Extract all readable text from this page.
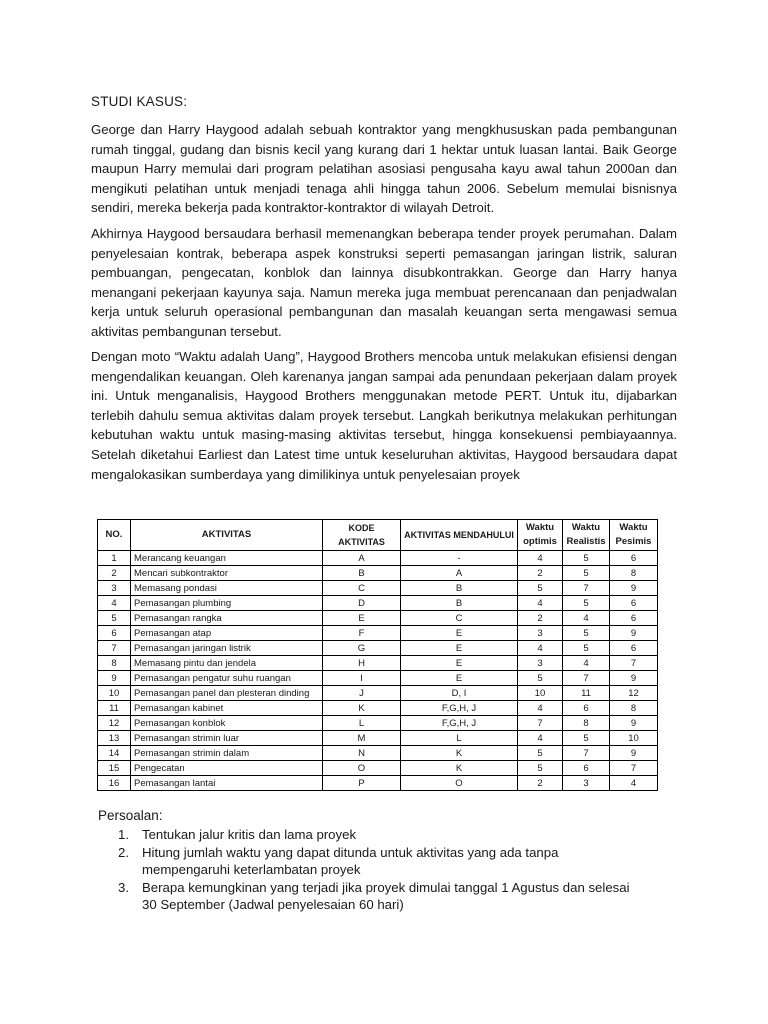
STUDI KASUS:
George dan Harry Haygood adalah sebuah kontraktor yang mengkhususkan pada pembangunan rumah tinggal, gudang dan bisnis kecil yang kurang dari 1 hektar untuk luasan lantai. Baik George maupun Harry memulai dari program pelatihan asosiasi pengusaha kayu awal tahun 2000an dan mengikuti pelatihan untuk menjadi tenaga ahli hingga tahun 2006. Sebelum memulai bisnisnya sendiri, mereka bekerja pada kontraktor-kontraktor di wilayah Detroit.
Akhirnya Haygood bersaudara berhasil memenangkan beberapa tender proyek perumahan. Dalam penyelesaian kontrak, beberapa aspek konstruksi seperti pemasangan jaringan listrik, saluran pembuangan, pengecatan, konblok dan lainnya disubkontrakkan. George dan Harry hanya menangani pekerjaan kayunya saja. Namun mereka juga membuat perencanaan dan penjadwalan kerja untuk seluruh operasional pembangunan dan masalah keuangan serta mengawasi semua aktivitas pembangunan tersebut.
Dengan moto “Waktu adalah Uang”, Haygood Brothers mencoba untuk melakukan efisiensi dengan mengendalikan keuangan. Oleh karenanya jangan sampai ada penundaan pekerjaan dalam proyek ini. Untuk menganalisis, Haygood Brothers menggunakan metode PERT. Untuk itu, dijabarkan terlebih dahulu semua aktivitas dalam proyek tersebut. Langkah berikutnya melakukan perhitungan kebutuhan waktu untuk masing-masing aktivitas tersebut, hingga konsekuensi pembiayaannya. Setelah diketahui Earliest dan Latest time untuk keseluruhan aktivitas, Haygood bersaudara dapat mengalokasikan sumberdaya yang dimilikinya untuk penyelesaian proyek
NO.	AKTIVITAS	KODE AKTIVITAS	AKTIVITAS MENDAHULUI	Waktu optimis	Waktu Realistis	Waktu Pesimis
1	Merancang keuangan	A	-	4	5	6
2	Mencari subkontraktor	B	A	2	5	8
3	Memasang pondasi	C	B	5	7	9
4	Pemasangan plumbing	D	B	4	5	6
5	Pemasangan rangka	E	C	2	4	6
6	Pemasangan atap	F	E	3	5	9
7	Pemasangan jaringan listrik	G	E	4	5	6
8	Memasang pintu dan jendela	H	E	3	4	7
9	Pemasangan pengatur suhu ruangan	I	E	5	7	9
10	Pemasangan panel dan plesteran dinding	J	D, I	10	11	12
11	Pemasangan kabinet	K	F,G,H, J	4	6	8
12	Pemasangan konblok	L	F,G,H, J	7	8	9
13	Pemasangan strimin luar	M	L	4	5	10
14	Pemasangan strimin dalam	N	K	5	7	9
15	Pengecatan	O	K	5	6	7
16	Pemasangan lantai	P	O	2	3	4
Persoalan:
1. Tentukan jalur kritis dan lama proyek
2. Hitung jumlah waktu yang dapat ditunda untuk aktivitas yang ada tanpa mempengaruhi keterlambatan proyek
3. Berapa kemungkinan yang terjadi jika proyek dimulai tanggal 1 Agustus dan selesai 30 September (Jadwal penyelesaian 60 hari)
